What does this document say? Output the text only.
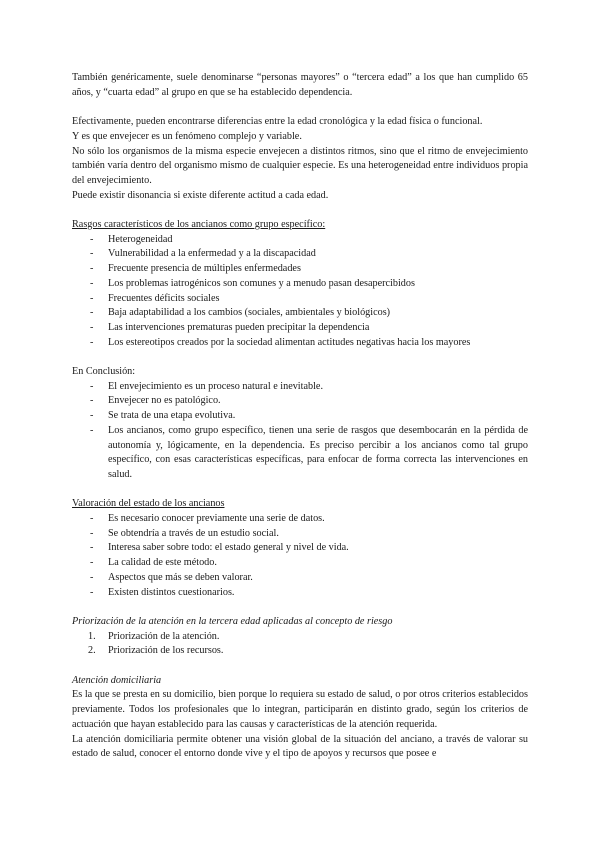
También genéricamente, suele denominarse “personas mayores” o “tercera edad” a los que han cumplido 65 años, y “cuarta edad” al grupo en que se ha establecido dependencia.

Efectivamente, pueden encontrarse diferencias entre la edad cronológica y la edad física o funcional.

Y es que envejecer es un fenómeno complejo y variable.

No sólo los organismos de la misma especie envejecen a distintos ritmos, sino que el ritmo de envejecimiento también varía dentro del organismo mismo de cualquier especie. Es una heterogeneidad entre individuos propia del envejecimiento.

Puede existir disonancia si existe diferente actitud a cada edad.

Rasgos característicos de los ancianos como grupo específico:

- Heterogeneidad
- Vulnerabilidad a la enfermedad y a la discapacidad
- Frecuente presencia de múltiples enfermedades
- Los problemas iatrogénicos son comunes y a menudo pasan desapercibidos
- Frecuentes déficits sociales
- Baja adaptabilidad a los cambios (sociales, ambientales y biológicos)
- Las intervenciones prematuras pueden precipitar la dependencia
- Los estereotipos creados por la sociedad alimentan actitudes negativas hacia los mayores

En Conclusión:

- El envejecimiento es un proceso natural e inevitable.
- Envejecer no es patológico.
- Se trata de una etapa evolutiva.
- Los ancianos, como grupo específico, tienen una serie de rasgos que desembocarán en la pérdida de autonomía y, lógicamente, en la dependencia. Es preciso percibir a los ancianos como tal grupo específico, con esas características específicas, para enfocar de forma correcta las intervenciones en salud.

Valoración del estado de los ancianos

- Es necesario conocer previamente una serie de datos.
- Se obtendría a través de un estudio social.
- Interesa saber sobre todo: el estado general y nivel de vida.
- La calidad de este método.
- Aspectos que más se deben valorar.
- Existen distintos cuestionarios.

Priorización de la atención en la tercera edad aplicadas al concepto de riesgo

1. Priorización de la atención.
2. Priorización de los recursos.

Atención domiciliaria

Es la que se presta en su domicilio, bien porque lo requiera su estado de salud, o por otros criterios establecidos previamente. Todos los profesionales que lo integran, participarán en distinto grado, según los criterios de actuación que hayan establecido para las causas y características de la atención requerida.

La atención domiciliaria permite obtener una visión global de la situación del anciano, a través de valorar su estado de salud, conocer el entorno donde vive y el tipo de apoyos y recursos que posee e
